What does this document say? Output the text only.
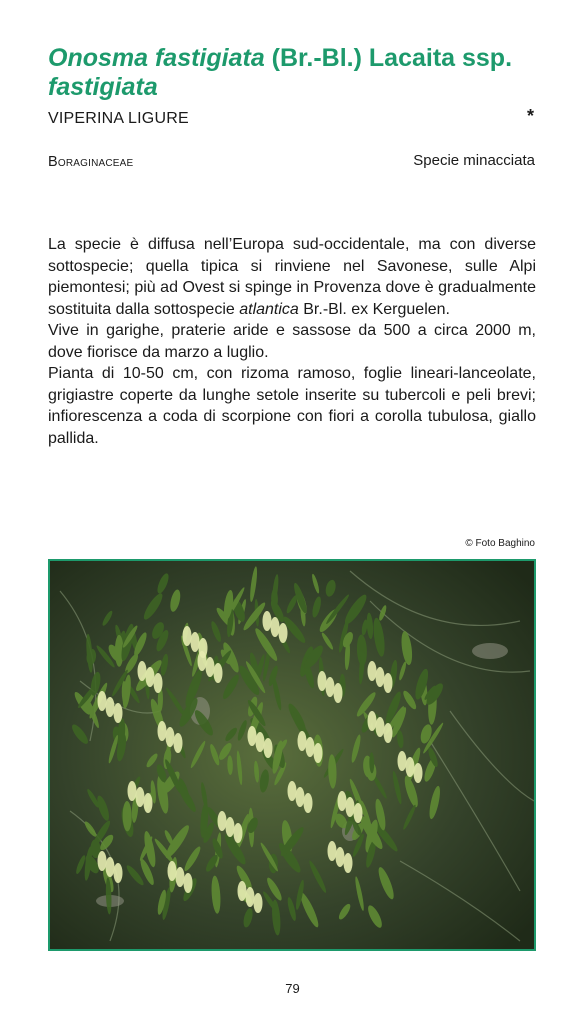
Onosma fastigiata (Br.-Bl.) Lacaita ssp. fastigiata
VIPERINA LIGURE	*
Boraginaceae	Specie minacciata

La specie è diffusa nell’Europa sud-occidentale, ma con diverse sottospecie; quella tipica si rinviene nel Savonese, sulle Alpi piemontesi; più ad Ovest si spinge in Provenza dove è gradualmente sostituita dalla sottospecie atlantica Br.-Bl. ex Kerguelen.

Vive in garighe, praterie aride e sassose da 500 a circa 2000 m, dove fiorisce da marzo a luglio.

Pianta di 10-50 cm, con rizoma ramoso, foglie lineari-lanceolate, grigiastre coperte da lunghe setole inserite su tubercoli e peli brevi; infiorescenza a coda di scorpione con fiori a corolla tubulosa, giallo pallida.

© Foto Baghino
79
